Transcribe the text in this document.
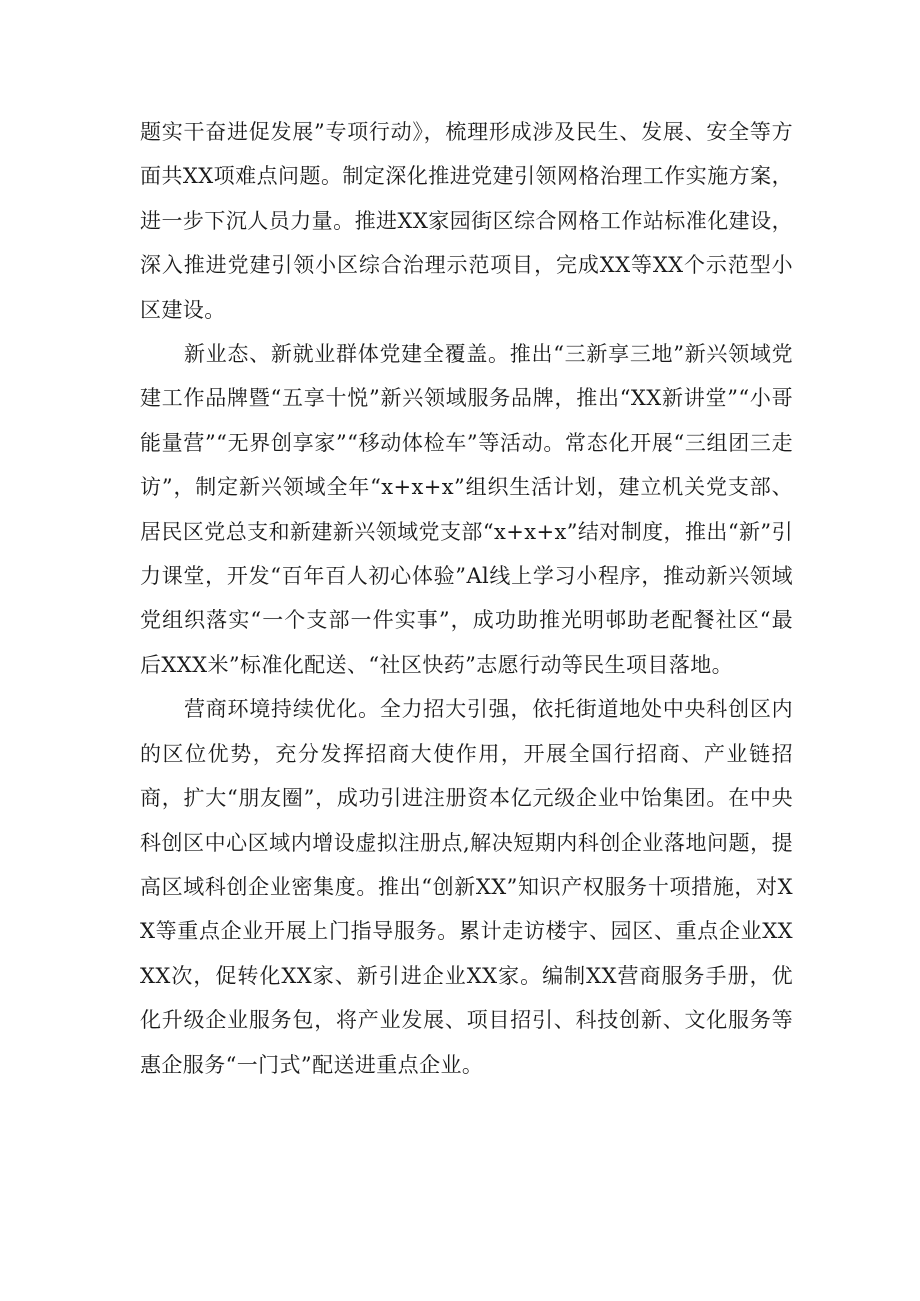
题实干奋进促发展”专项行动》，梳理形成涉及民生、发展、安全等方面共XX项难点问题。制定深化推进党建引领网格治理工作实施方案，进一步下沉人员力量。推进XX家园街区综合网格工作站标准化建设，深入推进党建引领小区综合治理示范项目，完成XX等XX个示范型小区建设。

新业态、新就业群体党建全覆盖。推出“三新享三地”新兴领域党建工作品牌暨“五享十悦”新兴领域服务品牌，推出“XX新讲堂”“小哥能量营”“无界创享家”“移动体检车”等活动。常态化开展“三组团三走访”，制定新兴领域全年“x+x+x”组织生活计划，建立机关党支部、居民区党总支和新建新兴领域党支部“x+x+x”结对制度，推出“新”引力课堂，开发“百年百人初心体验”Al线上学习小程序，推动新兴领域党组织落实“一个支部一件实事”，成功助推光明邨助老配餐社区“最后XXX米”标准化配送、“社区快药”志愿行动等民生项目落地。

营商环境持续优化。全力招大引强，依托街道地处中央科创区内的区位优势，充分发挥招商大使作用，开展全国行招商、产业链招商，扩大“朋友圈”，成功引进注册资本亿元级企业中饴集团。在中央科创区中心区域内增设虚拟注册点,解决短期内科创企业落地问题，提高区域科创企业密集度。推出“创新XX”知识产权服务十项措施，对XX等重点企业开展上门指导服务。累计走访楼宇、园区、重点企业XXXX次，促转化XX家、新引进企业XX家。编制XX营商服务手册，优化升级企业服务包，将产业发展、项目招引、科技创新、文化服务等惠企服务“一门式”配送进重点企业。
